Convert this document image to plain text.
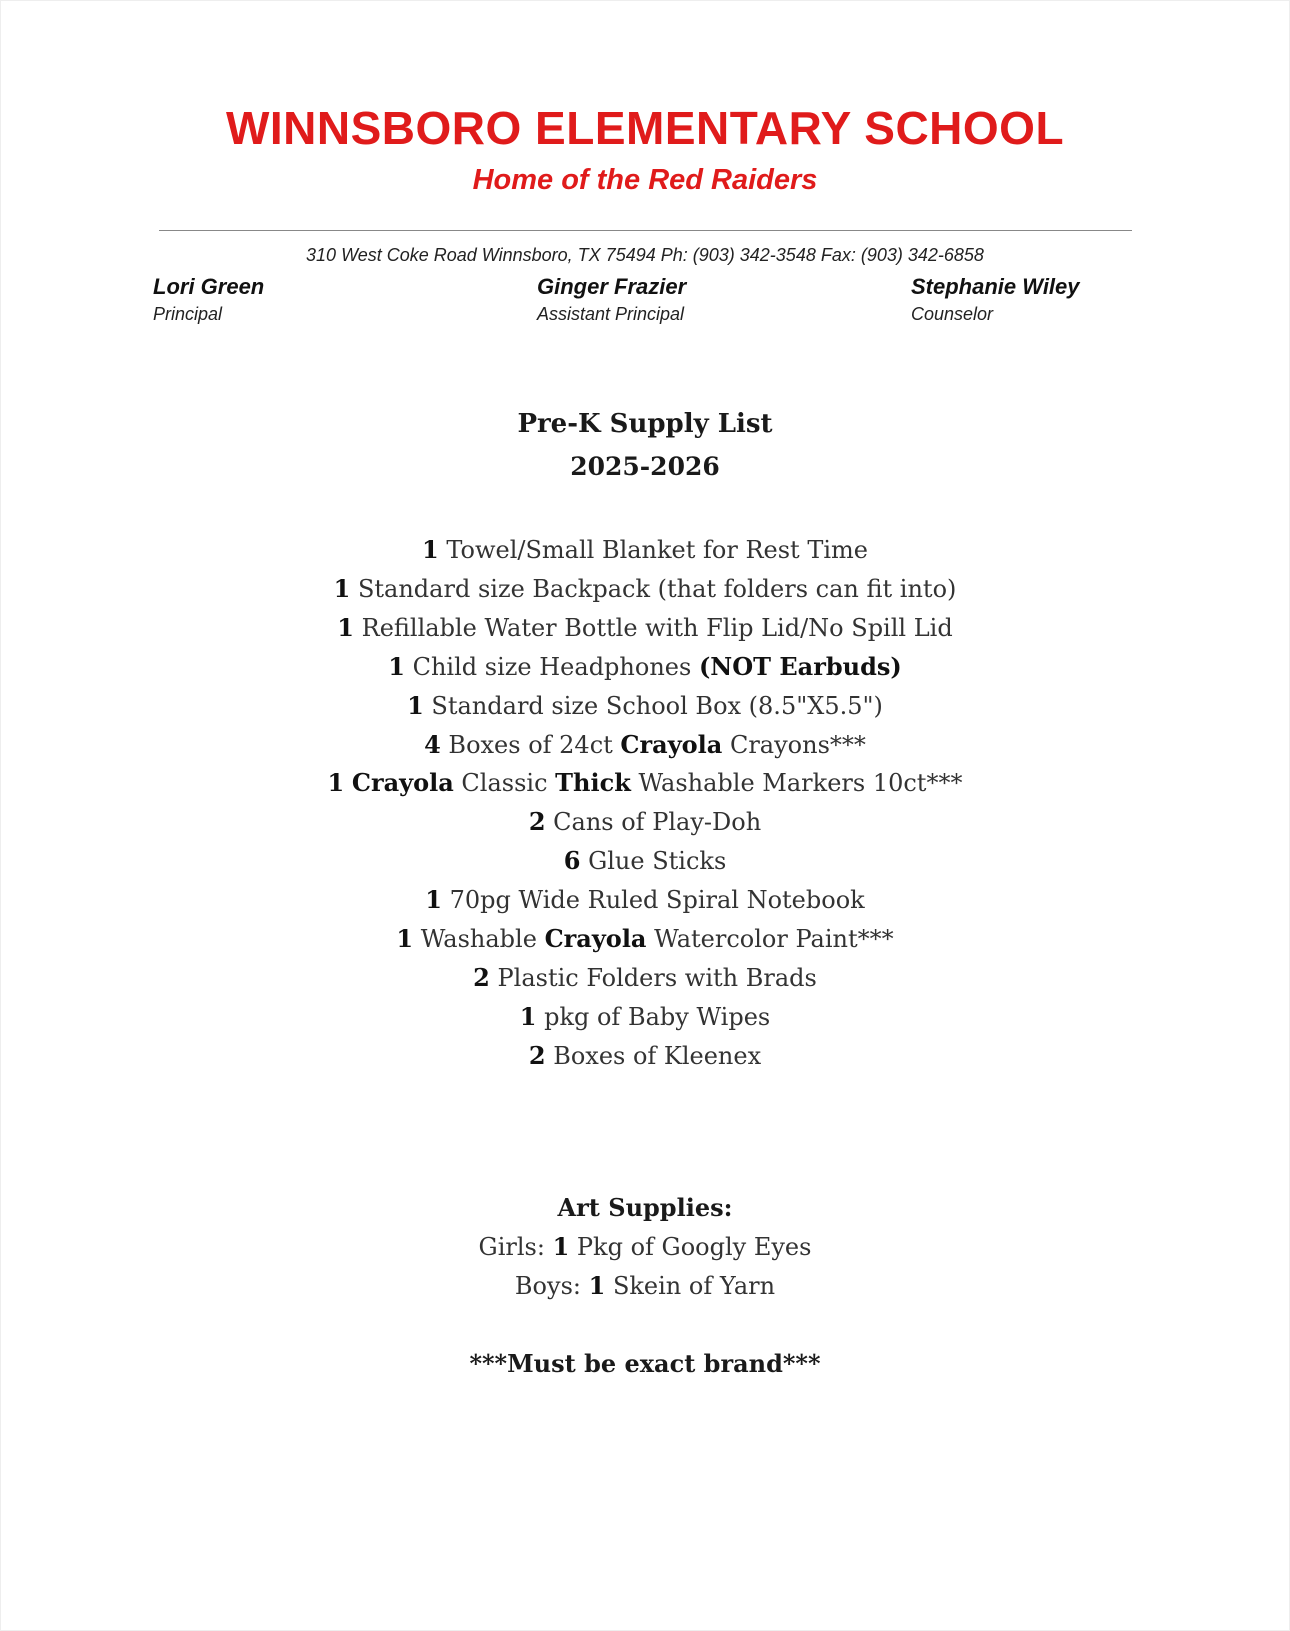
WINNSBORO ELEMENTARY SCHOOL
Home of the Red Raiders
310 West Coke Road Winnsboro, TX 75494 Ph: (903) 342-3548 Fax: (903) 342-6858
Lori Green
Principal
Ginger Frazier
Assistant Principal
Stephanie Wiley
Counselor
Pre-K Supply List
2025-2026
1 Towel/Small Blanket for Rest Time
1 Standard size Backpack (that folders can fit into)
1 Refillable Water Bottle with Flip Lid/No Spill Lid
1 Child size Headphones (NOT Earbuds)
1 Standard size School Box (8.5"X5.5")
4 Boxes of 24ct Crayola Crayons***
1 Crayola Classic Thick Washable Markers 10ct***
2 Cans of Play-Doh
6 Glue Sticks
1 70pg Wide Ruled Spiral Notebook
1 Washable Crayola Watercolor Paint***
2 Plastic Folders with Brads
1 pkg of Baby Wipes
2 Boxes of Kleenex
Art Supplies:
Girls: 1 Pkg of Googly Eyes
Boys: 1 Skein of Yarn
***Must be exact brand***
